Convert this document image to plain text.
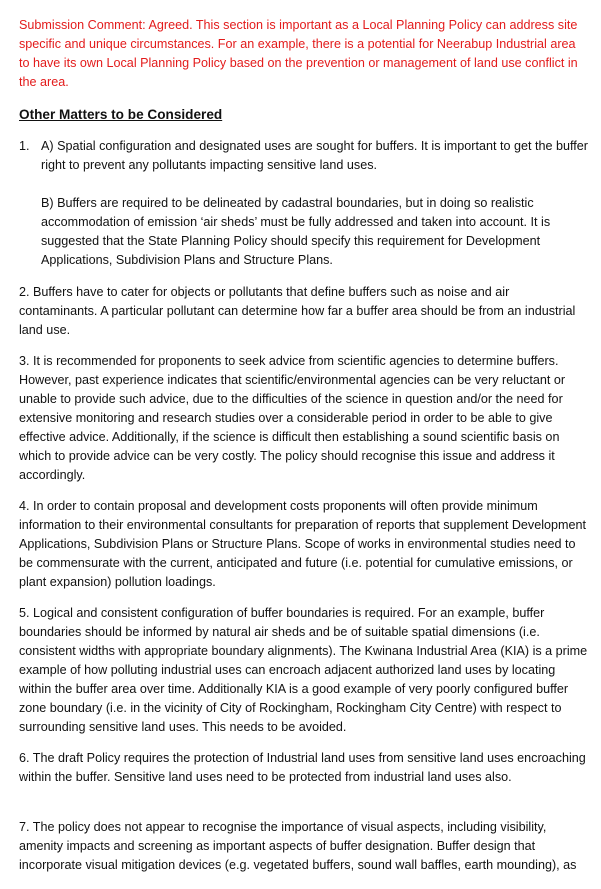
Submission Comment: Agreed. This section is important as a Local Planning Policy can address site specific and unique circumstances. For an example, there is a potential for Neerabup Industrial area to have its own Local Planning Policy based on the prevention or management of land use conflict in the area.

Other Matters to be Considered
1. A) Spatial configuration and designated uses are sought for buffers. It is important to get the buffer right to prevent any pollutants impacting sensitive land uses.

B) Buffers are required to be delineated by cadastral boundaries, but in doing so realistic accommodation of emission ‘air sheds’ must be fully addressed and taken into account. It is suggested that the State Planning Policy should specify this requirement for Development Applications, Subdivision Plans and Structure Plans.

2. Buffers have to cater for objects or pollutants that define buffers such as noise and air contaminants. A particular pollutant can determine how far a buffer area should be from an industrial land use.

3. It is recommended for proponents to seek advice from scientific agencies to determine buffers. However, past experience indicates that scientific/environmental agencies can be very reluctant or unable to provide such advice, due to the difficulties of the science in question and/or the need for extensive monitoring and research studies over a considerable period in order to be able to give effective advice. Additionally, if the science is difficult then establishing a sound scientific basis on which to provide advice can be very costly. The policy should recognise this issue and address it accordingly.

4. In order to contain proposal and development costs proponents will often provide minimum information to their environmental consultants for preparation of reports that supplement Development Applications, Subdivision Plans or Structure Plans. Scope of works in environmental studies need to be commensurate with the current, anticipated and future (i.e. potential for cumulative emissions, or plant expansion) pollution loadings.

5. Logical and consistent configuration of buffer boundaries is required. For an example, buffer boundaries should be informed by natural air sheds and be of suitable spatial dimensions (i.e. consistent widths with appropriate boundary alignments). The Kwinana Industrial Area (KIA) is a prime example of how polluting industrial uses can encroach adjacent authorized land uses by locating within the buffer area over time. Additionally KIA is a good example of very poorly configured buffer zone boundary (i.e. in the vicinity of City of Rockingham, Rockingham City Centre) with respect to surrounding sensitive land uses. This needs to be avoided.

6. The draft Policy requires the protection of Industrial land uses from sensitive land uses encroaching within the buffer. Sensitive land uses need to be protected from industrial land uses also.

7. The policy does not appear to recognise the importance of visual aspects, including visibility, amenity impacts and screening as important aspects of buffer designation. Buffer design that incorporate visual mitigation devices (e.g. vegetated buffers, sound wall baffles, earth mounding), as
